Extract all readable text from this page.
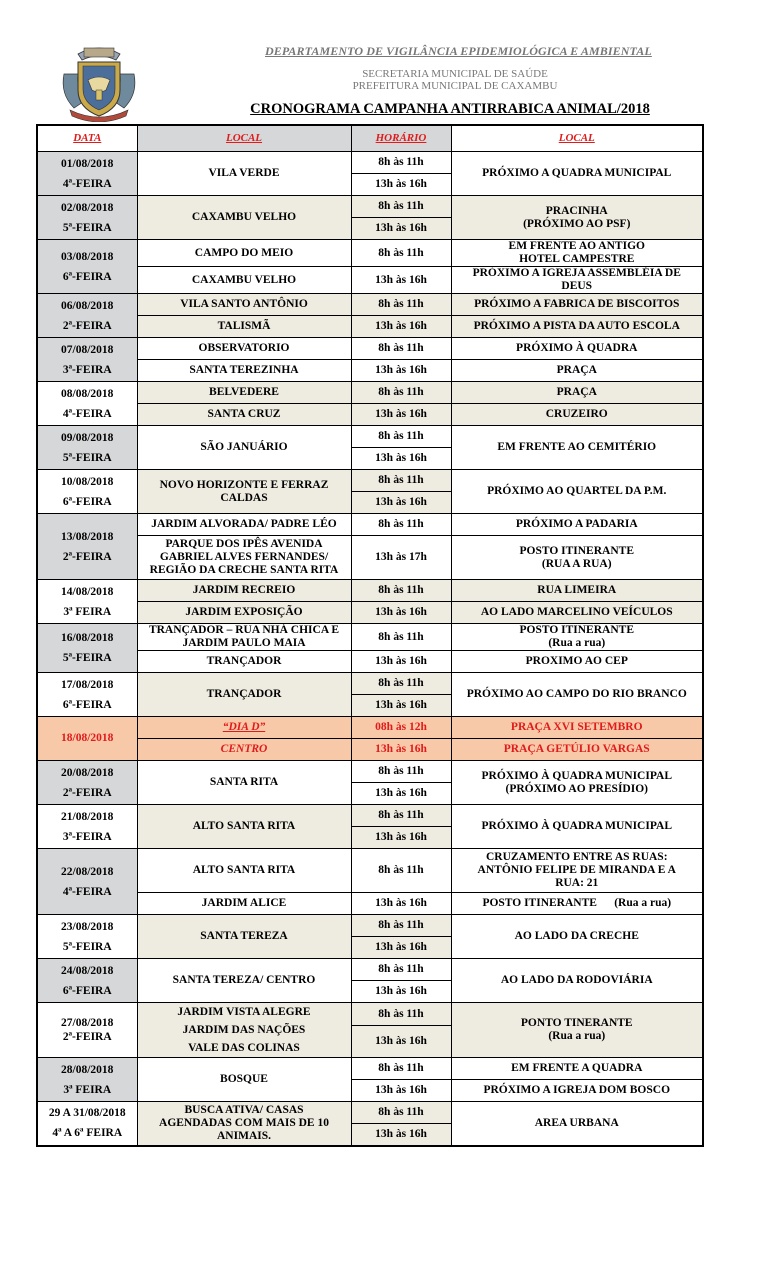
DEPARTAMENTO DE VIGILÂNCIA EPIDEMIOLÓGICA E AMBIENTAL
SECRETARIA MUNICIPAL DE SAÚDE
PREFEITURA MUNICIPAL DE CAXAMBU
CRONOGRAMA CAMPANHA ANTIRRABICA ANIMAL/2018
DATA	LOCAL	HORÁRIO	LOCAL

01/08/2018
4ª-FEIRA	VILA VERDE	8h às 11h	PRÓXIMO A QUADRA MUNICIPAL
		13h às 16h	

02/08/2018
5ª-FEIRA	CAXAMBU VELHO	8h às 11h	PRACINHA
(PRÓXIMO AO PSF)

		13h às 16h	

03/08/2018
6ª-FEIRA	CAMPO DO MEIO	8h às 11h	EM FRENTE AO ANTIGO
HOTEL CAMPESTRE

	CAXAMBU VELHO	13h às 16h	PRÓXIMO A IGREJA ASSEMBLÉIA DE
DEUS

06/08/2018
2ª-FEIRA	VILA SANTO ANTÔNIO	8h às 11h	PRÓXIMO A FABRICA DE BISCOITOS
	TALISMÃ	13h às 16h	PRÓXIMO A PISTA DA AUTO ESCOLA

07/08/2018
3ª-FEIRA	OBSERVATORIO	8h às 11h	PRÓXIMO À QUADRA
	SANTA TEREZINHA	13h às 16h	PRAÇA

08/08/2018
4ª-FEIRA	BELVEDERE	8h às 11h	PRAÇA
	SANTA CRUZ	13h às 16h	CRUZEIRO

09/08/2018
5ª-FEIRA	SÃO JANUÁRIO	8h às 11h	EM FRENTE AO CEMITÉRIO
		13h às 16h	

10/08/2018
6ª-FEIRA	NOVO HORIZONTE E FERRAZ
CALDAS	8h às 11h	PRÓXIMO AO QUARTEL DA P.M.
		13h às 16h	

13/08/2018
2ª-FEIRA	JARDIM ALVORADA/ PADRE LÉO	8h às 11h	PRÓXIMO A PADARIA

	PARQUE DOS IPÊS AVENIDA
GABRIEL ALVES FERNANDES/
REGIÃO DA CRECHE SANTA RITA	13h às 17h	POSTO ITINERANTE
(RUA A RUA)

14/08/2018
3ª FEIRA	JARDIM RECREIO	8h às 11h	RUA LIMEIRA
	JARDIM EXPOSIÇÃO	13h às 16h	AO LADO MARCELINO VEÍCULOS

16/08/2018
5ª-FEIRA	TRANÇADOR – RUA NHÁ CHICA E
JARDIM PAULO MAIA	8h às 11h	POSTO ITINERANTE
(Rua a rua)

	TRANÇADOR	13h às 16h	PROXIMO AO CEP

17/08/2018
6ª-FEIRA	TRANÇADOR	8h às 11h	PRÓXIMO AO CAMPO DO RIO BRANCO
		13h às 16h	
18/08/2018	“DIA D”	08h às 12h	PRAÇA XVI SETEMBRO
	CENTRO	13h às 16h	PRAÇA GETÚLIO VARGAS

20/08/2018
2ª-FEIRA	SANTA RITA	8h às 11h	PRÓXIMO À QUADRA MUNICIPAL
(PRÓXIMO AO PRESÍDIO)

		13h às 16h	

21/08/2018
3ª-FEIRA	ALTO SANTA RITA	8h às 11h	PRÓXIMO À QUADRA MUNICIPAL
		13h às 16h	

22/08/2018
4ª-FEIRA	ALTO SANTA RITA	8h às 11h	CRUZAMENTO ENTRE AS RUAS:
ANTÔNIO FELIPE DE MIRANDA E A
RUA: 21

	JARDIM ALICE	13h às 16h	POSTO ITINERANTE      (Rua a rua)

23/08/2018
5ª-FEIRA	SANTA TEREZA	8h às 11h	AO LADO DA CRECHE
		13h às 16h	

24/08/2018
6ª-FEIRA	SANTA TEREZA/ CENTRO	8h às 11h	AO LADO DA RODOVIÁRIA
		13h às 16h	

27/08/2018
2ª-FEIRA	JARDIM VISTA ALEGRE
JARDIM DAS NAÇÕES
VALE DAS COLINAS	8h às 11h	PONTO TINERANTE
(Rua a rua)

		13h às 16h	

28/08/2018
3ª FEIRA	BOSQUE	8h às 11h	EM FRENTE A QUADRA
		13h às 16h	PRÓXIMO A IGREJA DOM BOSCO

29 A 31/08/2018
4ª A 6ª FEIRA	BUSCA ATIVA/ CASAS
AGENDADAS COM MAIS DE 10
ANIMAIS.	8h às 11h	AREA URBANA
		13h às 16h	
